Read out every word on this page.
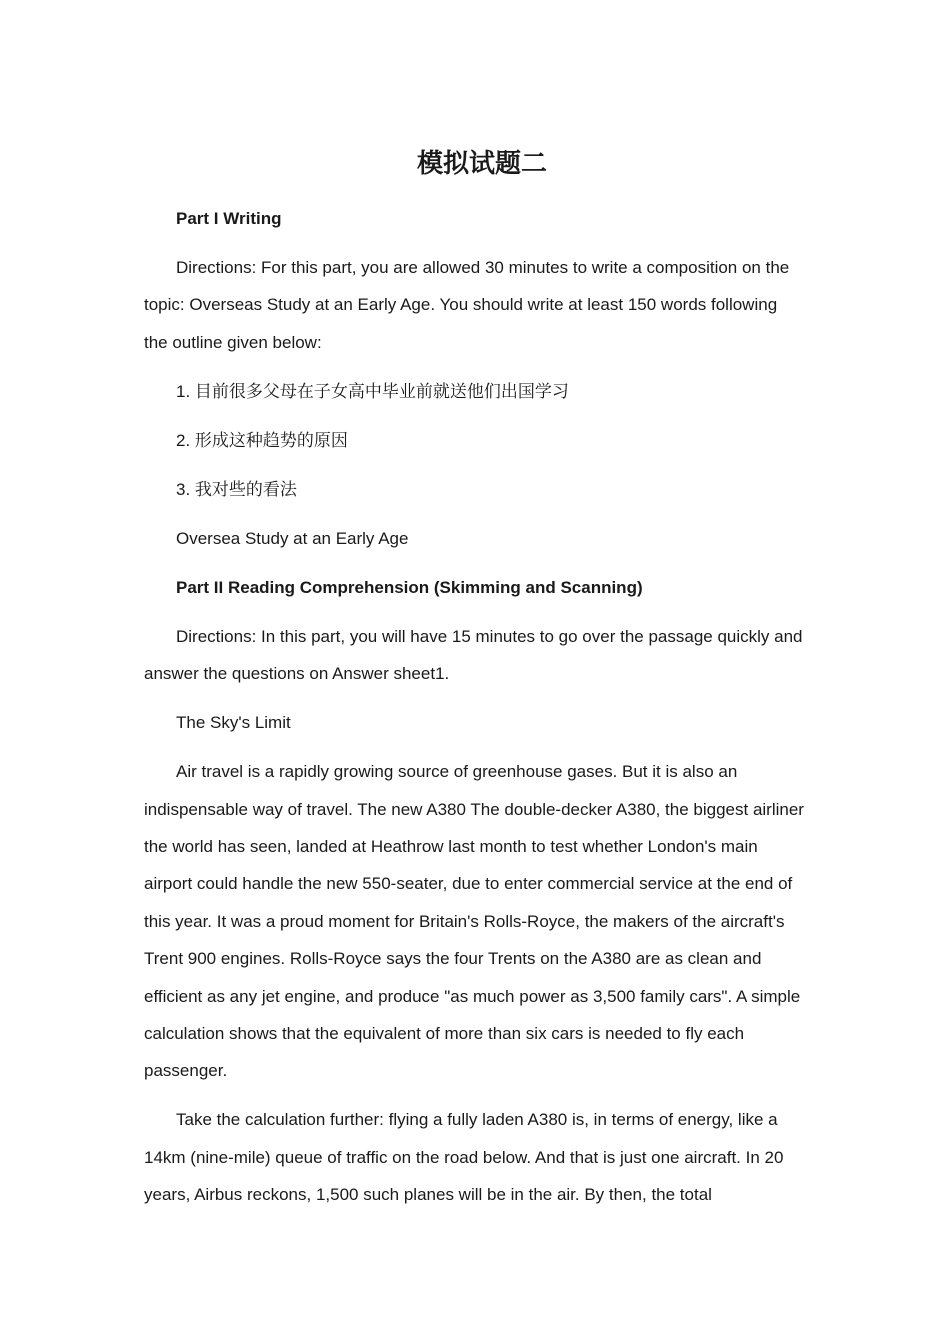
模拟试题二

Part I Writing

Directions: For this part, you are allowed 30 minutes to write a composition on the topic: Overseas Study at an Early Age. You should write at least 150 words following the outline given below:

1. 目前很多父母在子女高中毕业前就送他们出国学习

2. 形成这种趋势的原因

3. 我对些的看法

Oversea Study at an Early Age

Part II Reading Comprehension (Skimming and Scanning)

Directions: In this part, you will have 15 minutes to go over the passage quickly and answer the questions on Answer sheet1.

The Sky's Limit

Air travel is a rapidly growing source of greenhouse gases. But it is also an indispensable way of travel. The new A380 The double-decker A380, the biggest airliner the world has seen, landed at Heathrow last month to test whether London's main airport could handle the new 550-seater, due to enter commercial service at the end of this year. It was a proud moment for Britain's Rolls-Royce, the makers of the aircraft's Trent 900 engines. Rolls-Royce says the four Trents on the A380 are as clean and efficient as any jet engine, and produce "as much power as 3,500 family cars". A simple calculation shows that the equivalent of more than six cars is needed to fly each passenger.

Take the calculation further: flying a fully laden A380 is, in terms of energy, like a 14km (nine-mile) queue of traffic on the road below. And that is just one aircraft. In 20 years, Airbus reckons, 1,500 such planes will be in the air. By then, the total
